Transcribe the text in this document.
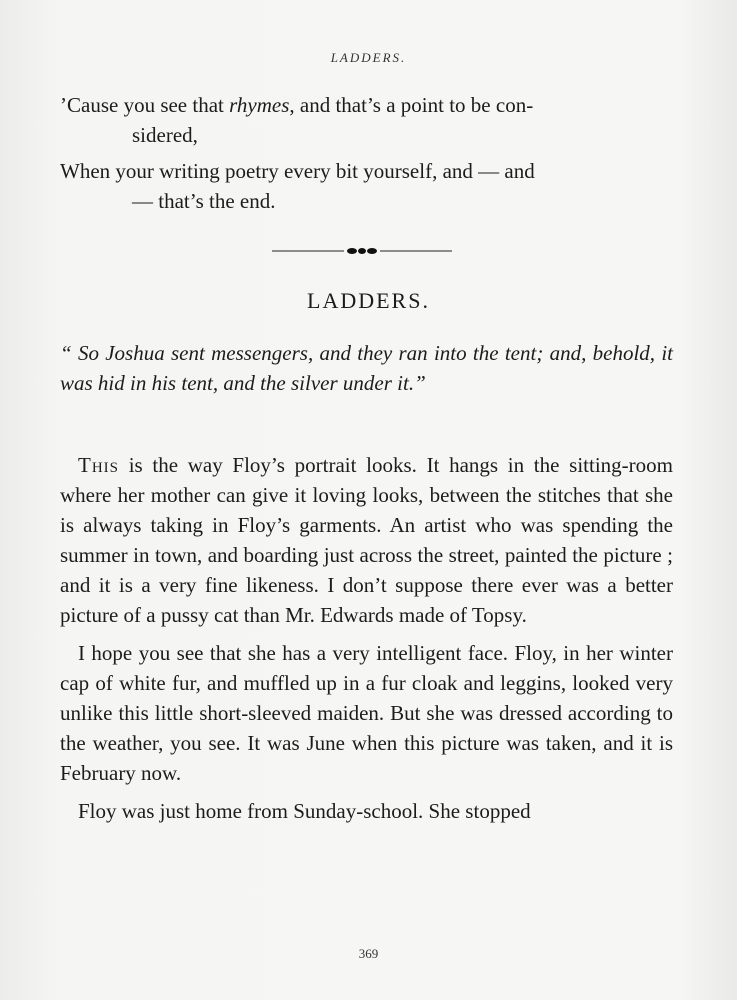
LADDERS.

’Cause you see that rhymes, and that’s a point to be con-
sidered,

When your writing poetry every bit yourself, and — and
— that’s the end.

LADDERS.

“ So Joshua sent messengers, and they ran into the tent; and, behold, it was hid in his tent, and the silver under it.”

This is the way Floy’s portrait looks. It hangs in the sitting-room where her mother can give it loving looks, between the stitches that she is always taking in Floy’s garments. An artist who was spending the summer in town, and boarding just across the street, painted the picture ; and it is a very fine likeness. I don’t suppose there ever was a better picture of a pussy cat than Mr. Edwards made of Topsy.

I hope you see that she has a very intelligent face. Floy, in her winter cap of white fur, and muffled up in a fur cloak and leggins, looked very unlike this little short-sleeved maiden. But she was dressed according to the weather, you see. It was June when this picture was taken, and it is February now.

Floy was just home from Sunday-school. She stopped

369
